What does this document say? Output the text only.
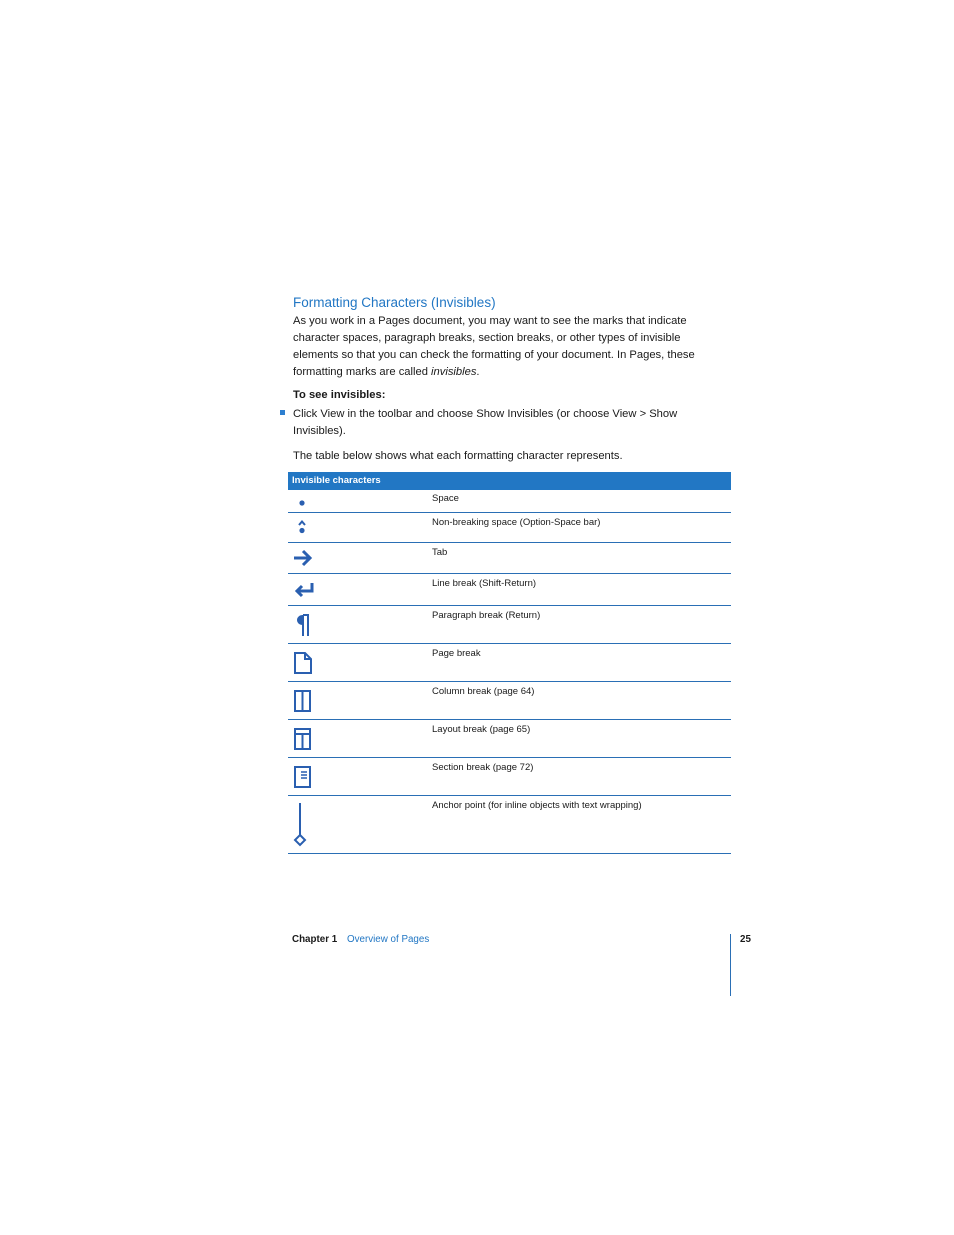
Formatting Characters (Invisibles)

As you work in a Pages document, you may want to see the marks that indicate character spaces, paragraph breaks, section breaks, or other types of invisible elements so that you can check the formatting of your document. In Pages, these formatting marks are called invisibles.

To see invisibles:

Click View in the toolbar and choose Show Invisibles (or choose View > Show Invisibles).

The table below shows what each formatting character represents.

Invisible characters
Space
Non-breaking space (Option-Space bar)
Tab
Line break (Shift-Return)
Paragraph break (Return)
Page break
Column break (page 64)
Layout break (page 65)
Section break (page 72)
Anchor point (for inline objects with text wrapping)
Chapter 1 Overview of Pages	25
